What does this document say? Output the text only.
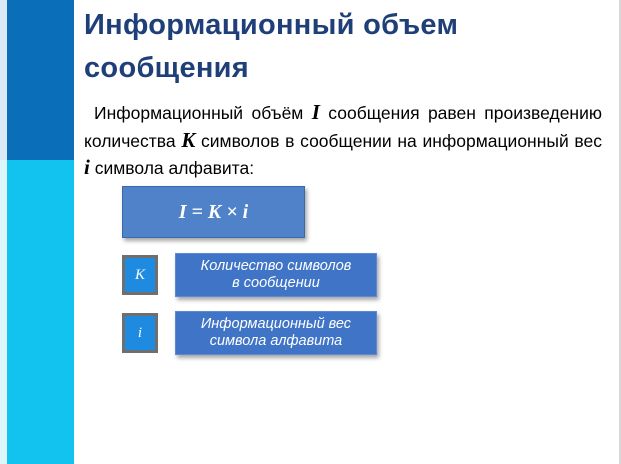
Информационный объем сообщения

Информационный объём I сообщения равен произведению количества K символов в сообщении на информационный вес i символа алфавита:

I = K × i
K
Количество символов
в сообщении
i
Информационный вес
символа алфавита
